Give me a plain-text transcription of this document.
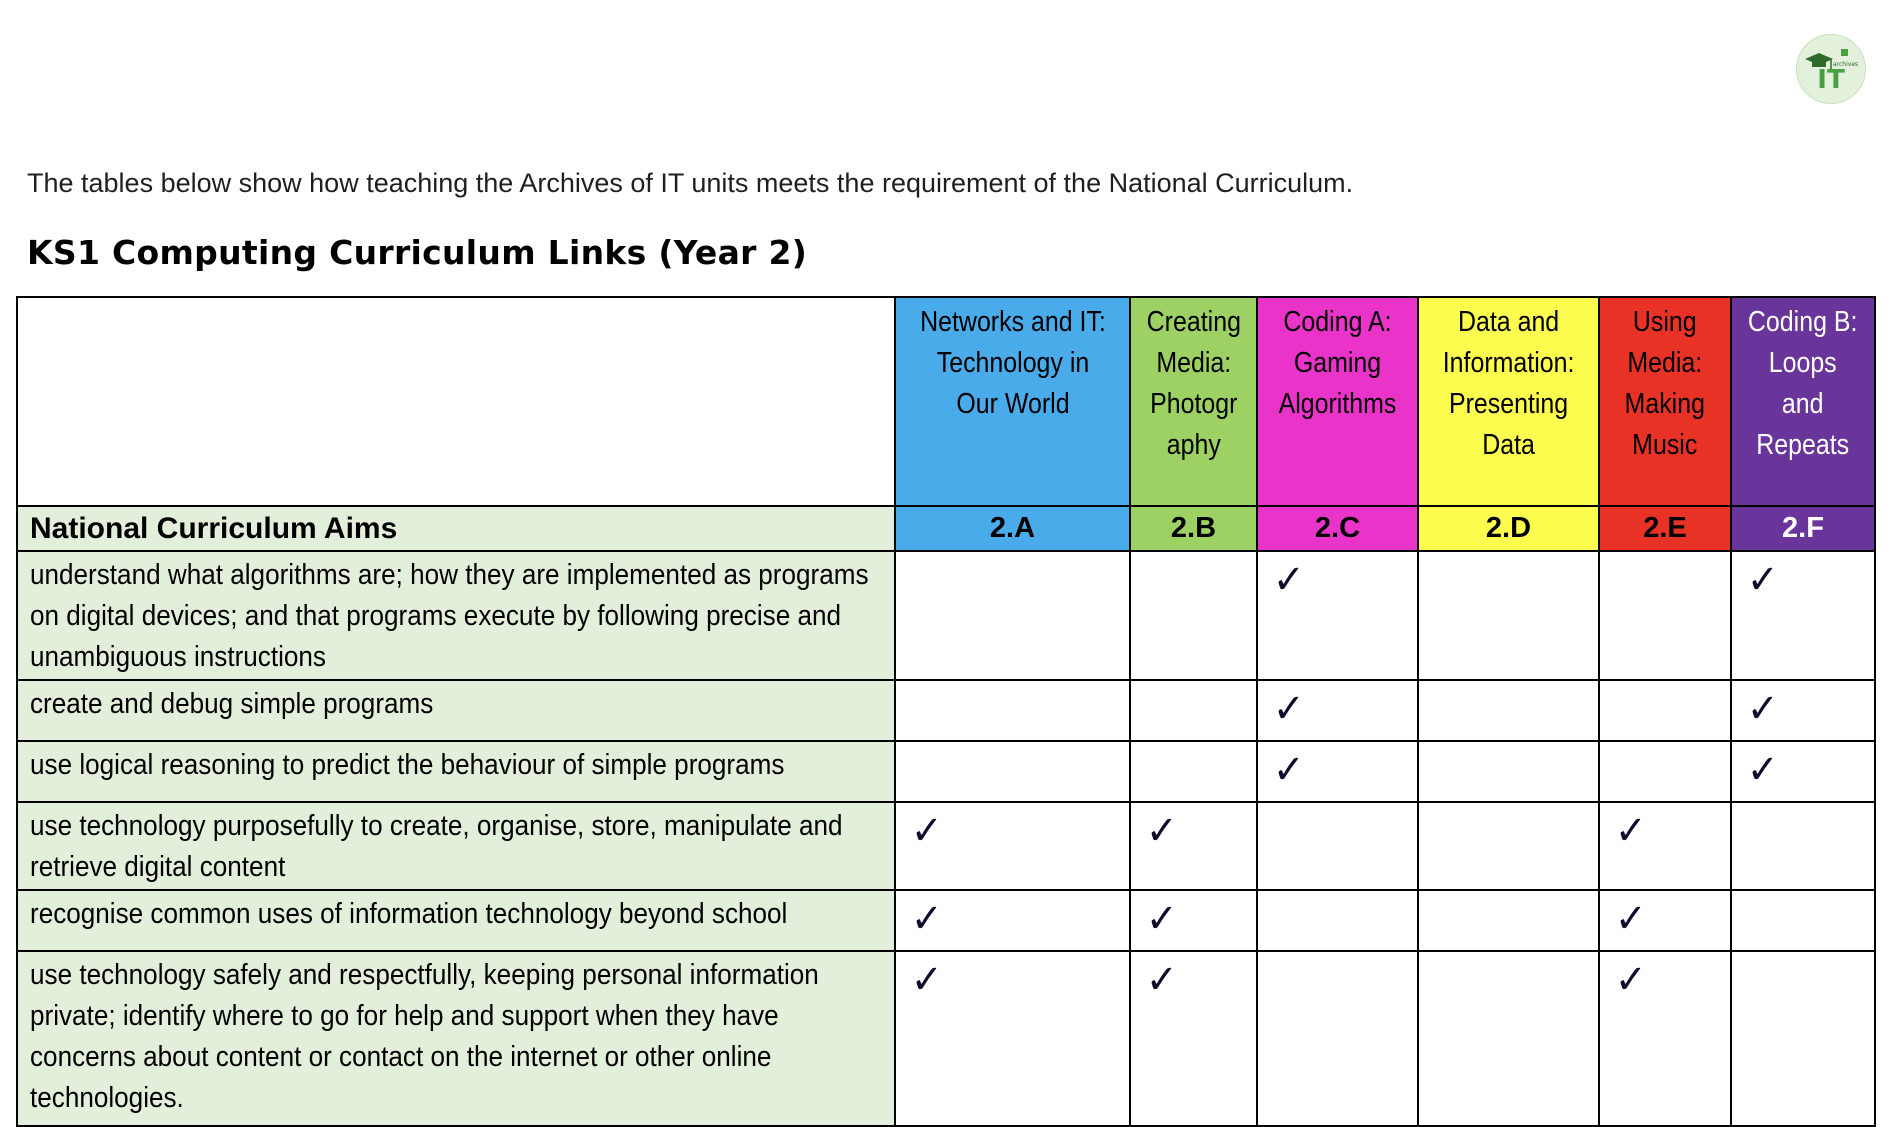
archives
IT
The tables below show how teaching the Archives of IT units meets the requirement of the National Curriculum.
KS1 Computing Curriculum Links (Year 2)
	Networks and IT:
Technology in
Our World	Creating
Media:
Photogr
aphy	Coding A:
Gaming
Algorithms	Data and
Information:
Presenting
Data	Using
Media:
Making
Music	Coding B:
Loops
and
Repeats
National Curriculum Aims	2.A	2.B	2.C	2.D	2.E	2.F
understand what algorithms are; how they are implemented as programs on digital devices; and that programs execute by following precise and unambiguous instructions			✓			✓
create and debug simple programs			✓			✓
use logical reasoning to predict the behaviour of simple programs			✓			✓
use technology purposefully to create, organise, store, manipulate and retrieve digital content	✓	✓			✓	
recognise common uses of information technology beyond school	✓	✓			✓	
use technology safely and respectfully, keeping personal information private; identify where to go for help and support when they have concerns about content or contact on the internet or other online technologies.	✓	✓			✓	
